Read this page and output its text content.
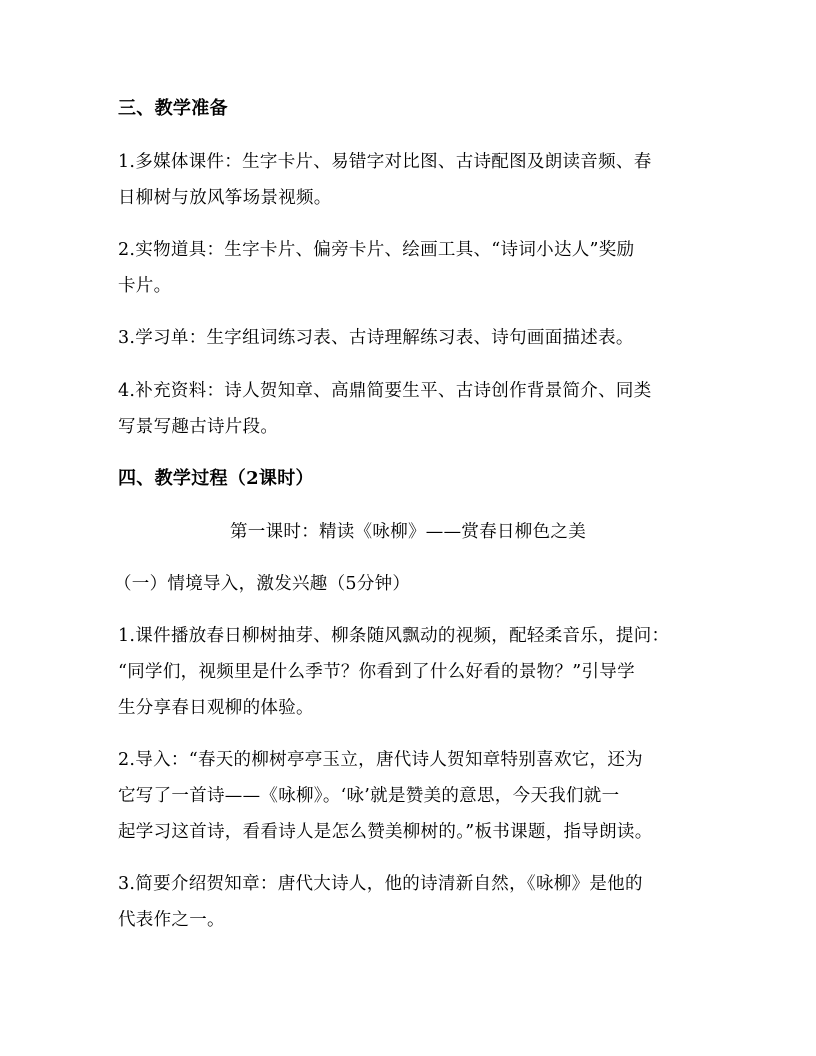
三、教学准备
1.多媒体课件：生字卡片、易错字对比图、古诗配图及朗读音频、春
日柳树与放风筝场景视频。
2.实物道具：生字卡片、偏旁卡片、绘画工具、“诗词小达人”奖励
卡片。
3.学习单：生字组词练习表、古诗理解练习表、诗句画面描述表。
4.补充资料：诗人贺知章、高鼎简要生平、古诗创作背景简介、同类
写景写趣古诗片段。
四、教学过程（2课时）
第一课时：精读《咏柳》——赏春日柳色之美
（一）情境导入，激发兴趣（5分钟）
1.课件播放春日柳树抽芽、柳条随风飘动的视频，配轻柔音乐，提问：
“同学们，视频里是什么季节？你看到了什么好看的景物？”引导学
生分享春日观柳的体验。
2.导入：“春天的柳树亭亭玉立，唐代诗人贺知章特别喜欢它，还为
它写了一首诗——《咏柳》。‘咏’就是赞美的意思，今天我们就一
起学习这首诗，看看诗人是怎么赞美柳树的。”板书课题，指导朗读。
3.简要介绍贺知章：唐代大诗人，他的诗清新自然，《咏柳》是他的
代表作之一。
